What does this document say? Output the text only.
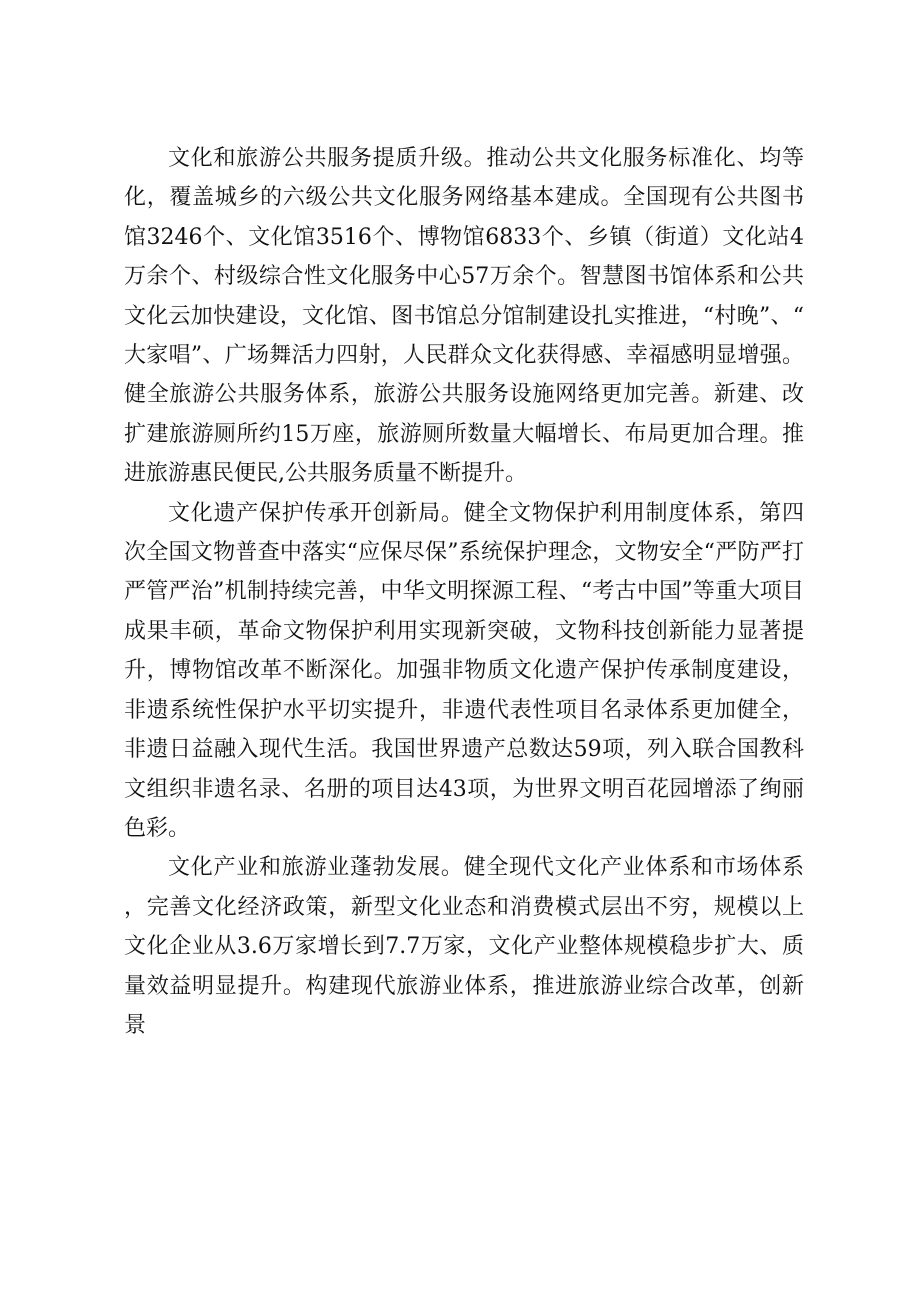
文化和旅游公共服务提质升级。推动公共文化服务标准化、均等化，覆盖城乡的六级公共文化服务网络基本建成。全国现有公共图书馆3246个、文化馆3516个、博物馆6833个、乡镇（街道）文化站4万余个、村级综合性文化服务中心57万余个。智慧图书馆体系和公共文化云加快建设，文化馆、图书馆总分馆制建设扎实推进，“村晚”、“大家唱”、广场舞活力四射，人民群众文化获得感、幸福感明显增强。健全旅游公共服务体系，旅游公共服务设施网络更加完善。新建、改扩建旅游厕所约15万座，旅游厕所数量大幅增长、布局更加合理。推进旅游惠民便民,公共服务质量不断提升。

文化遗产保护传承开创新局。健全文物保护利用制度体系，第四次全国文物普查中落实“应保尽保”系统保护理念，文物安全“严防严打严管严治”机制持续完善，中华文明探源工程、“考古中国”等重大项目成果丰硕，革命文物保护利用实现新突破，文物科技创新能力显著提升，博物馆改革不断深化。加强非物质文化遗产保护传承制度建设，非遗系统性保护水平切实提升，非遗代表性项目名录体系更加健全，非遗日益融入现代生活。我国世界遗产总数达59项，列入联合国教科文组织非遗名录、名册的项目达43项，为世界文明百花园增添了绚丽色彩。

文化产业和旅游业蓬勃发展。健全现代文化产业体系和市场体系，完善文化经济政策，新型文化业态和消费模式层出不穷，规模以上文化企业从3.6万家增长到7.7万家，文化产业整体规模稳步扩大、质量效益明显提升。构建现代旅游业体系，推进旅游业综合改革，创新景
